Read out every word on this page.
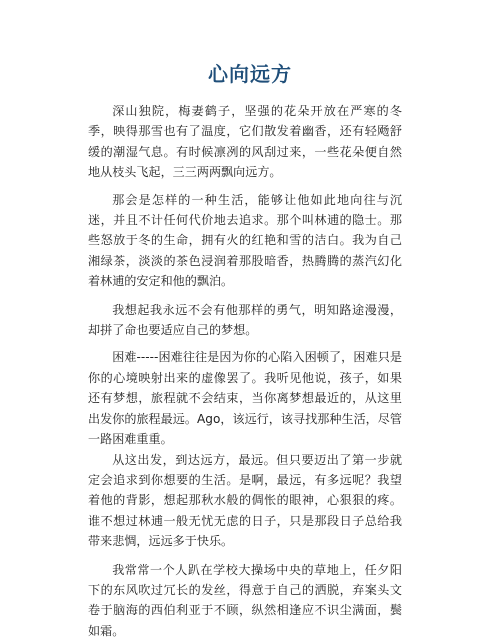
心向远方

深山独院，梅妻鹤子，坚强的花朵开放在严寒的冬季，映得那雪也有了温度，它们散发着幽香，还有轻飏舒缓的潮湿气息。有时候凛冽的风刮过来，一些花朵便自然地从枝头飞起，三三两两飘向远方。

那会是怎样的一种生活，能够让他如此地向往与沉迷，并且不计任何代价地去追求。那个叫林逋的隐士。那些怒放于冬的生命，拥有火的红艳和雪的洁白。我为自己湘绿茶，淡淡的茶色浸润着那股暗香，热腾腾的蒸汽幻化着林逋的安定和他的飘泊。

我想起我永远不会有他那样的勇气，明知路途漫漫，却拼了命也要适应自己的梦想。

困难-----困难往往是因为你的心陷入困顿了，困难只是你的心境映射出来的虚像罢了。我听见他说，孩子，如果还有梦想，旅程就不会结束，当你离梦想最近的，从这里出发你的旅程最远。Ago，该远行，该寻找那种生活，尽管一路困难重重。

从这出发，到达远方，最远。但只要迈出了第一步就定会追求到你想要的生活。是啊，最远，有多远呢？我望着他的背影，想起那秋水般的倜怅的眼神，心狠狠的疼。谁不想过林逋一般无忧无虑的日子，只是那段日子总给我带来悲惆，远远多于快乐。

我常常一个人趴在学校大操场中央的草地上，任夕阳下的东风吹过冗长的发丝，得意于自己的洒脱，弃案头文卷于脑海的西伯利亚于不顾，纵然相逢应不识尘满面，鬓如霜。
